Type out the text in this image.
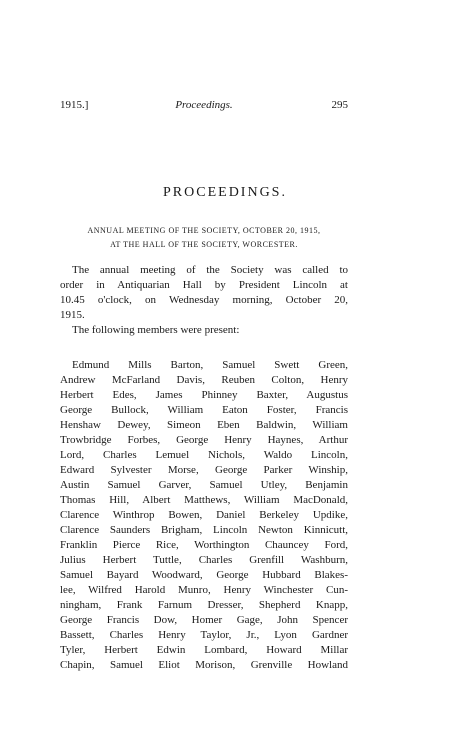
1915.]	Proceedings.	295
PROCEEDINGS.
ANNUAL MEETING OF THE SOCIETY, OCTOBER 20, 1915,
AT THE HALL OF THE SOCIETY, WORCESTER.
The annual meeting of the Society was called to
order in Antiquarian Hall by President Lincoln at
10.45 o'clock, on Wednesday morning, October 20,
1915.
The following members were present:
Edmund Mills Barton, Samuel Swett Green,
Andrew McFarland Davis, Reuben Colton, Henry
Herbert Edes, James Phinney Baxter, Augustus
George Bullock, William Eaton Foster, Francis
Henshaw Dewey, Simeon Eben Baldwin, William
Trowbridge Forbes, George Henry Haynes, Arthur
Lord, Charles Lemuel Nichols, Waldo Lincoln,
Edward Sylvester Morse, George Parker Winship,
Austin Samuel Garver, Samuel Utley, Benjamin
Thomas Hill, Albert Matthews, William MacDonald,
Clarence Winthrop Bowen, Daniel Berkeley Updike,
Clarence Saunders Brigham, Lincoln Newton Kinnicutt,
Franklin Pierce Rice, Worthington Chauncey Ford,
Julius Herbert Tuttle, Charles Grenfill Washburn,
Samuel Bayard Woodward, George Hubbard Blakes-
lee, Wilfred Harold Munro, Henry Winchester Cun-
ningham, Frank Farnum Dresser, Shepherd Knapp,
George Francis Dow, Homer Gage, John Spencer
Bassett, Charles Henry Taylor, Jr., Lyon Gardner
Tyler, Herbert Edwin Lombard, Howard Millar
Chapin, Samuel Eliot Morison, Grenville Howland
